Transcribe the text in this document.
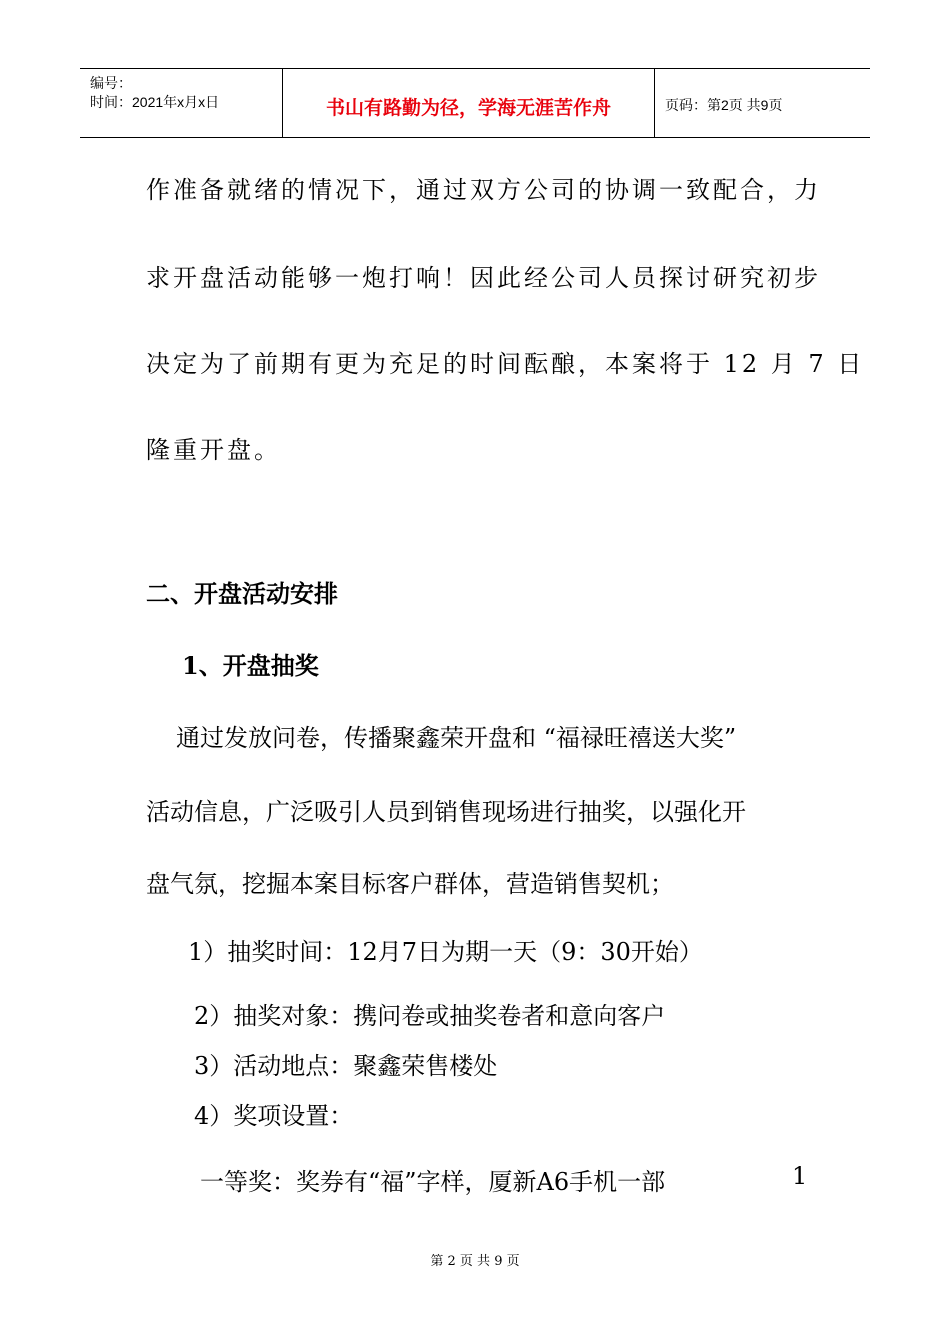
编号：
时间：2021年x月x日	书山有路勤为径，学海无涯苦作舟	页码：第2页 共9页
作准备就绪的情况下，通过双方公司的协调一致配合，力
求开盘活动能够一炮打响！因此经公司人员探讨研究初步
决定为了前期有更为充足的时间酝酿，本案将于 12 月 7 日
隆重开盘。
二、开盘活动安排
1、开盘抽奖
通过发放问卷，传播聚鑫荣开盘和 “福禄旺禧送大奖”
活动信息，广泛吸引人员到销售现场进行抽奖，以强化开
盘气氛，挖掘本案目标客户群体，营造销售契机；
1）抽奖时间：12月7日为期一天（9：30开始）
2）抽奖对象：携问卷或抽奖卷者和意向客户
3）活动地点：聚鑫荣售楼处
4）奖项设置：
一等奖：奖券有“福”字样，厦新A6手机一部	1
第 2 页 共 9 页
